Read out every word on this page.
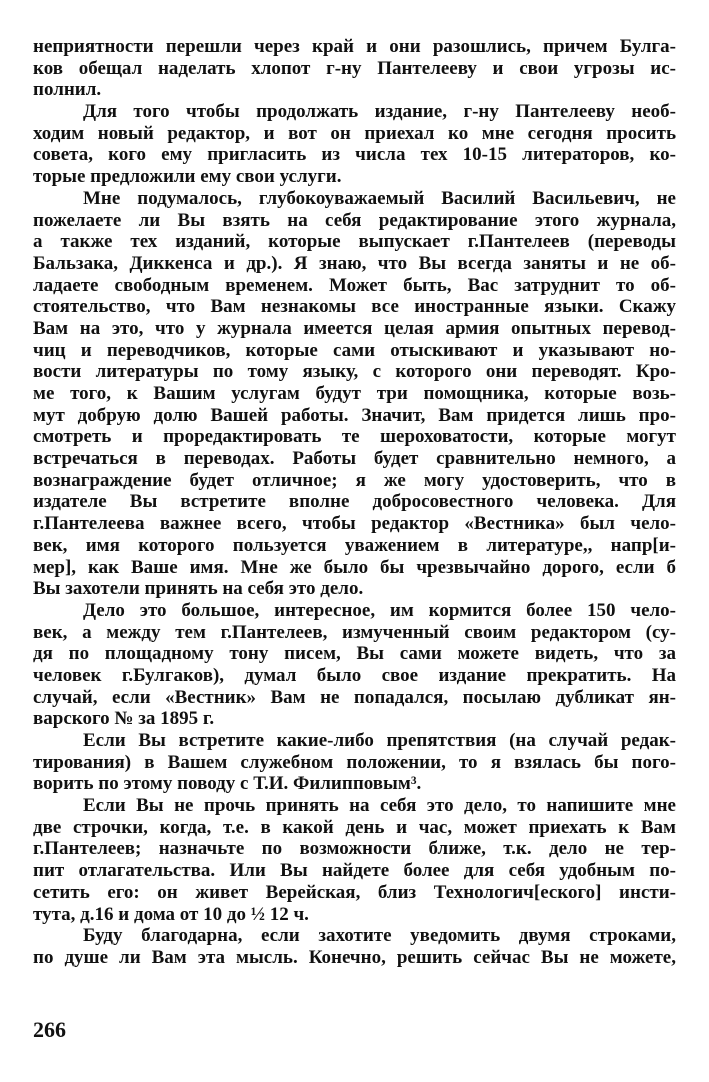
неприятности перешли через край и они разошлись, причем Булга-
ков обещал наделать хлопот г-ну Пантелееву и свои угрозы ис-
полнил.
Для того чтобы продолжать издание, г-ну Пантелееву необ-
ходим новый редактор, и вот он приехал ко мне сегодня просить
совета, кого ему пригласить из числа тех 10-15 литераторов, ко-
торые предложили ему свои услуги.
Мне подумалось, глубокоуважаемый Василий Васильевич, не
пожелаете ли Вы взять на себя редактирование этого журнала,
а также тех изданий, которые выпускает г.Пантелеев (переводы
Бальзака, Диккенса и др.). Я знаю, что Вы всегда заняты и не об-
ладаете свободным временем. Может быть, Вас затруднит то об-
стоятельство, что Вам незнакомы все иностранные языки. Скажу
Вам на это, что у журнала имеется целая армия опытных перевод-
чиц и переводчиков, которые сами отыскивают и указывают но-
вости литературы по тому языку, с которого они переводят. Кро-
ме того, к Вашим услугам будут три помощника, которые возь-
мут добрую долю Вашей работы. Значит, Вам придется лишь про-
смотреть и проредактировать те шероховатости, которые могут
встречаться в переводах. Работы будет сравнительно немного, а
вознаграждение будет отличное; я же могу удостоверить, что в
издателе Вы встретите вполне добросовестного человека. Для
г.Пантелеева важнее всего, чтобы редактор «Вестника» был чело-
век, имя которого пользуется уважением в литературе,, напр[и-
мер], как Ваше имя. Мне же было бы чрезвычайно дорого, если б
Вы захотели принять на себя это дело.
Дело это большое, интересное, им кормится более 150 чело-
век, а между тем г.Пантелеев, измученный своим редактором (су-
дя по площадному тону писем, Вы сами можете видеть, что за
человек г.Булгаков), думал было свое издание прекратить. На
случай, если «Вестник» Вам не попадался, посылаю дубликат ян-
варского № за 1895 г.
Если Вы встретите какие-либо препятствия (на случай редак-
тирования) в Вашем служебном положении, то я взялась бы пого-
ворить по этому поводу с Т.И. Филипповым³.
Если Вы не прочь принять на себя это дело, то напишите мне
две строчки, когда, т.е. в какой день и час, может приехать к Вам
г.Пантелеев; назначьте по возможности ближе, т.к. дело не тер-
пит отлагательства. Или Вы найдете более для себя удобным по-
сетить его: он живет Верейская, близ Технологич[еского] инсти-
тута, д.16 и дома от 10 до ½ 12 ч.
Буду благодарна, если захотите уведомить двумя строками,
по душе ли Вам эта мысль. Конечно, решить сейчас Вы не можете,
266
